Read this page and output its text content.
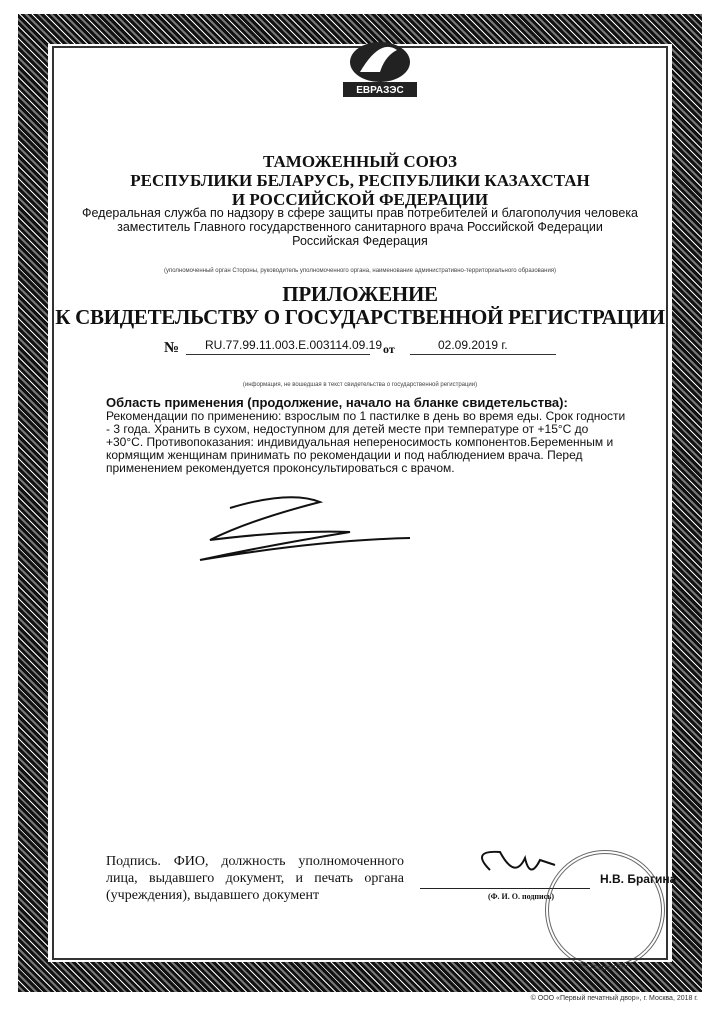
ЕВРАЗЭС
ТАМОЖЕННЫЙ СОЮЗ
РЕСПУБЛИКИ БЕЛАРУСЬ, РЕСПУБЛИКИ КАЗАХСТАН
И РОССИЙСКОЙ ФЕДЕРАЦИИ
Федеральная служба по надзору в сфере защиты прав потребителей и благополучия человека
заместитель Главного государственного санитарного врача Российской Федерации
Российская Федерация
(уполномоченный орган Стороны, руководитель уполномоченного органа, наименование административно-территориального образования)
ПРИЛОЖЕНИЕ
К СВИДЕТЕЛЬСТВУ О ГОСУДАРСТВЕННОЙ РЕГИСТРАЦИИ
№ RU.77.99.11.003.Е.003114.09.19 от	02.09.2019 г.
(информация, не вошедшая в текст свидетельства о государственной регистрации)
Область применения (продолжение, начало на бланке свидетельства):
Рекомендации по применению: взрослым по 1 пастилке в день во время еды. Срок годности - 3 года. Хранить в сухом, недоступном для детей месте при температуре от +15°С до +30°С. Противопоказания: индивидуальная непереносимость компонентов.Беременным и кормящим женщинам принимать по рекомендации и под наблюдением врача. Перед применением рекомендуется проконсультироваться с врачом.
Подпись. ФИО, должность уполномоченного лица, выдавшего документ, и печать органа (учреждения), выдавшего документ
Н.В. Брагина
(Ф. И. О. подпись)
© ООО «Первый печатный двор», г. Москва, 2018 г.
